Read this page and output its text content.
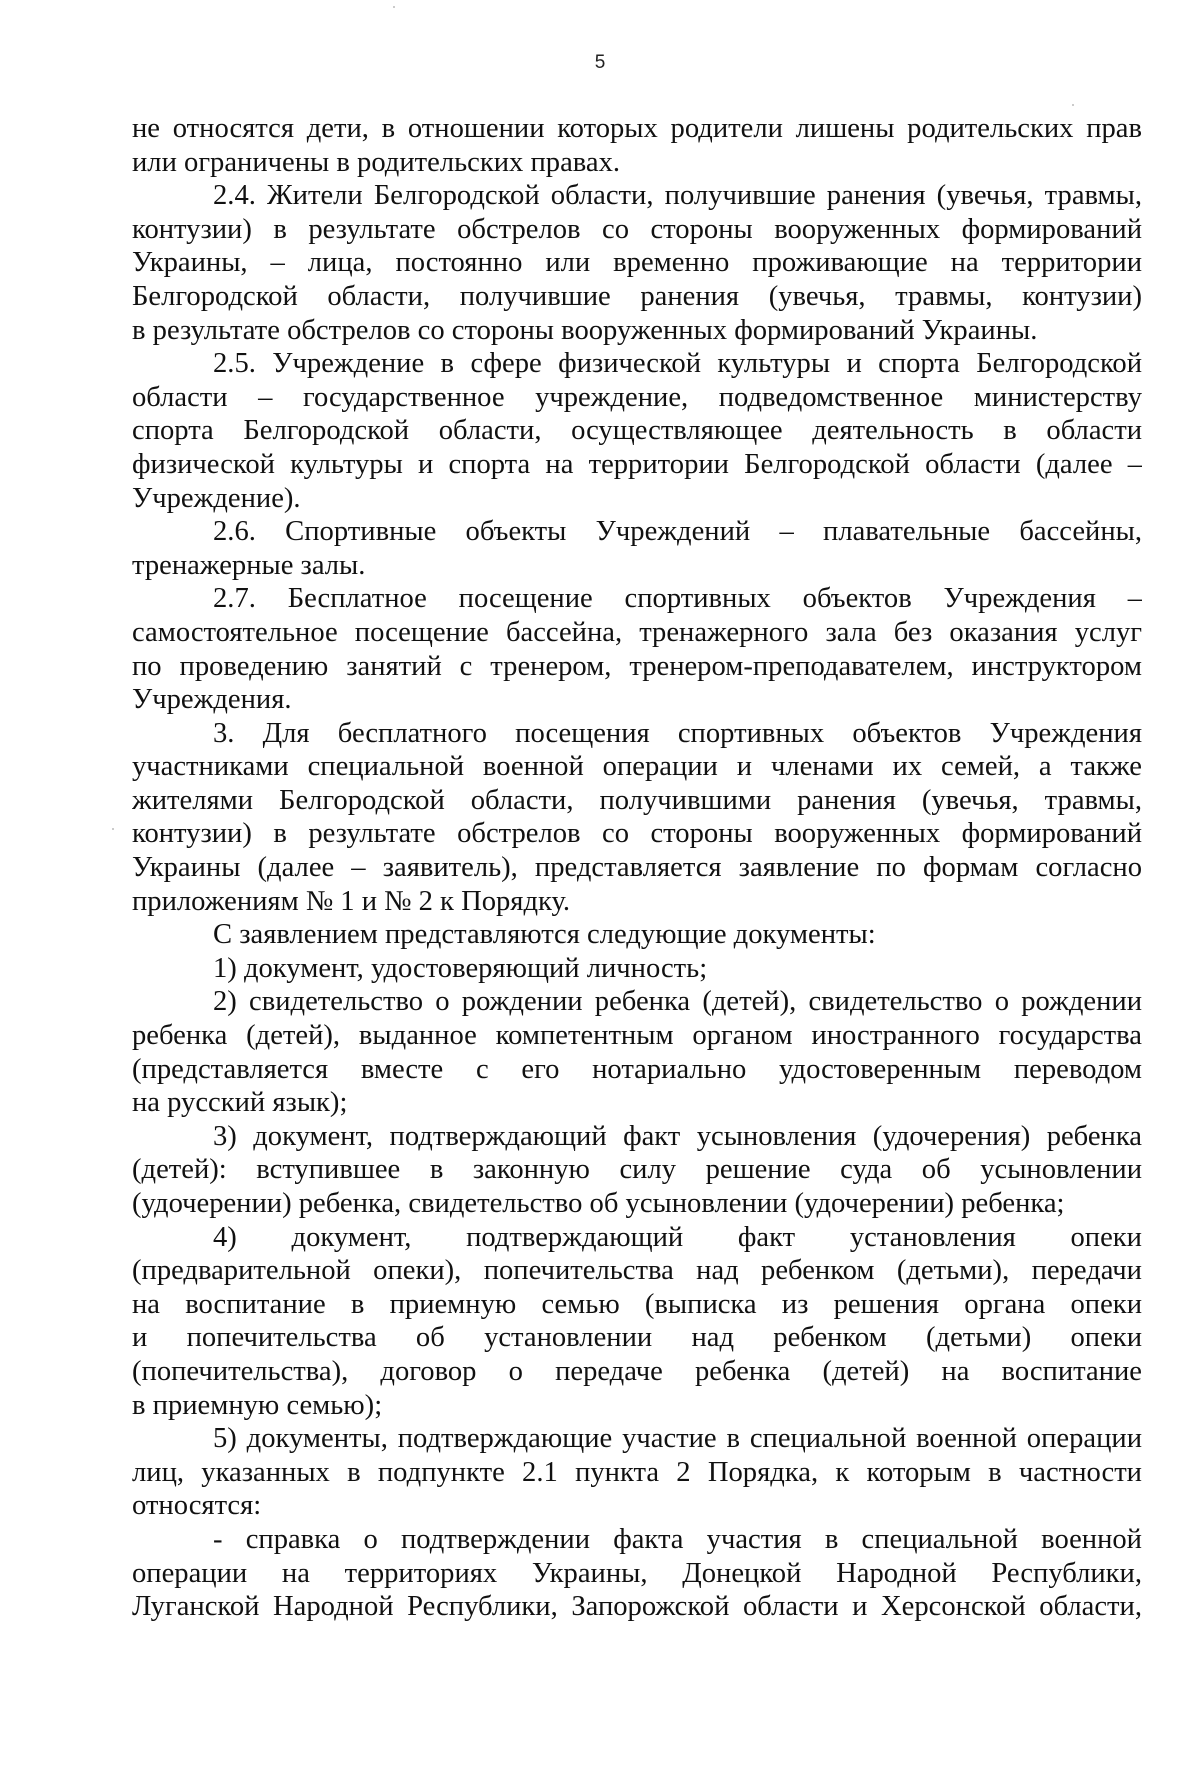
5
не относятся дети, в отношении которых родители лишены родительских прав
или ограничены в родительских правах.
2.4. Жители Белгородской области, получившие ранения (увечья, травмы,
контузии) в результате обстрелов со стороны вооруженных формирований
Украины, – лица, постоянно или временно проживающие на территории
Белгородской области, получившие ранения (увечья, травмы, контузии)
в результате обстрелов со стороны вооруженных формирований Украины.
2.5. Учреждение в сфере физической культуры и спорта Белгородской
области – государственное учреждение, подведомственное министерству
спорта Белгородской области, осуществляющее деятельность в области
физической культуры и спорта на территории Белгородской области (далее –
Учреждение).
2.6. Спортивные объекты Учреждений – плавательные бассейны,
тренажерные залы.
2.7. Бесплатное посещение спортивных объектов Учреждения –
самостоятельное посещение бассейна, тренажерного зала без оказания услуг
по проведению занятий с тренером, тренером-преподавателем, инструктором
Учреждения.
3. Для бесплатного посещения спортивных объектов Учреждения
участниками специальной военной операции и членами их семей, а также
жителями Белгородской области, получившими ранения (увечья, травмы,
контузии) в результате обстрелов со стороны вооруженных формирований
Украины (далее – заявитель), представляется заявление по формам согласно
приложениям № 1 и № 2 к Порядку.
С заявлением представляются следующие документы:
1) документ, удостоверяющий личность;
2) свидетельство о рождении ребенка (детей), свидетельство о рождении
ребенка (детей), выданное компетентным органом иностранного государства
(представляется вместе с его нотариально удостоверенным переводом
на русский язык);
3) документ, подтверждающий факт усыновления (удочерения) ребенка
(детей): вступившее в законную силу решение суда об усыновлении
(удочерении) ребенка, свидетельство об усыновлении (удочерении) ребенка;
4) документ, подтверждающий факт установления опеки
(предварительной опеки), попечительства над ребенком (детьми), передачи
на воспитание в приемную семью (выписка из решения органа опеки
и попечительства об установлении над ребенком (детьми) опеки
(попечительства), договор о передаче ребенка (детей) на воспитание
в приемную семью);
5) документы, подтверждающие участие в специальной военной операции
лиц, указанных в подпункте 2.1 пункта 2 Порядка, к которым в частности
относятся:
- справка о подтверждении факта участия в специальной военной
операции на территориях Украины, Донецкой Народной Республики,
Луганской Народной Республики, Запорожской области и Херсонской области,
